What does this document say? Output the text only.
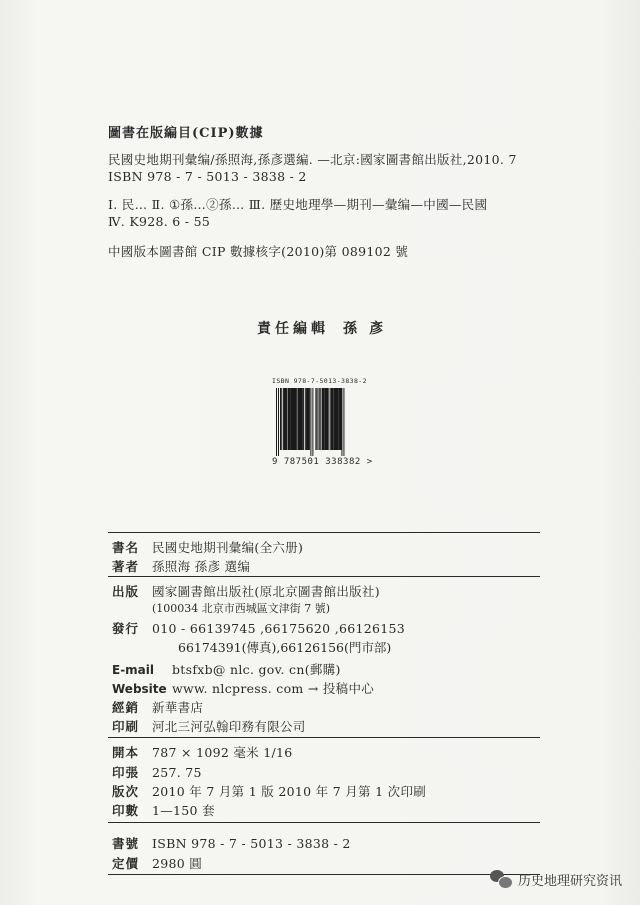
圖書在版編目(CIP)數據
民國史地期刊彙编/孫照海,孫彥選編. —北京:國家圖書館出版社,2010. 7
ISBN 978 - 7 - 5013 - 3838 - 2
Ⅰ. 民… Ⅱ. ①孫…②孫… Ⅲ. 歷史地理學—期刊—彙编—中國—民國
Ⅳ. K928. 6 - 55
中國版本圖書館 CIP 數據核字(2010)第 089102 號
責任編輯 孫彥
ISBN 978-7-5013-3838-2
9 787501 338382 >
書名 民國史地期刊彙编(全六册)
著者 孫照海 孫彥 選编
出版 國家圖書館出版社(原北京圖書館出版社)
(100034 北京市西城區文津街 7 號)
發行 010 - 66139745 ,66175620 ,66126153
66174391(傳真),66126156(門市部)
E-mail btsfxb@ nlc. gov. cn(郵購)
Website www. nlcpress. com → 投稿中心
經銷 新華書店
印刷 河北三河弘翰印務有限公司
開本 787 × 1092 毫米 1/16
印張 257. 75
版次 2010 年 7 月第 1 版 2010 年 7 月第 1 次印刷
印數 1—150 套
書號 ISBN 978 - 7 - 5013 - 3838 - 2
定價 2980 圓
历史地理研究资讯
